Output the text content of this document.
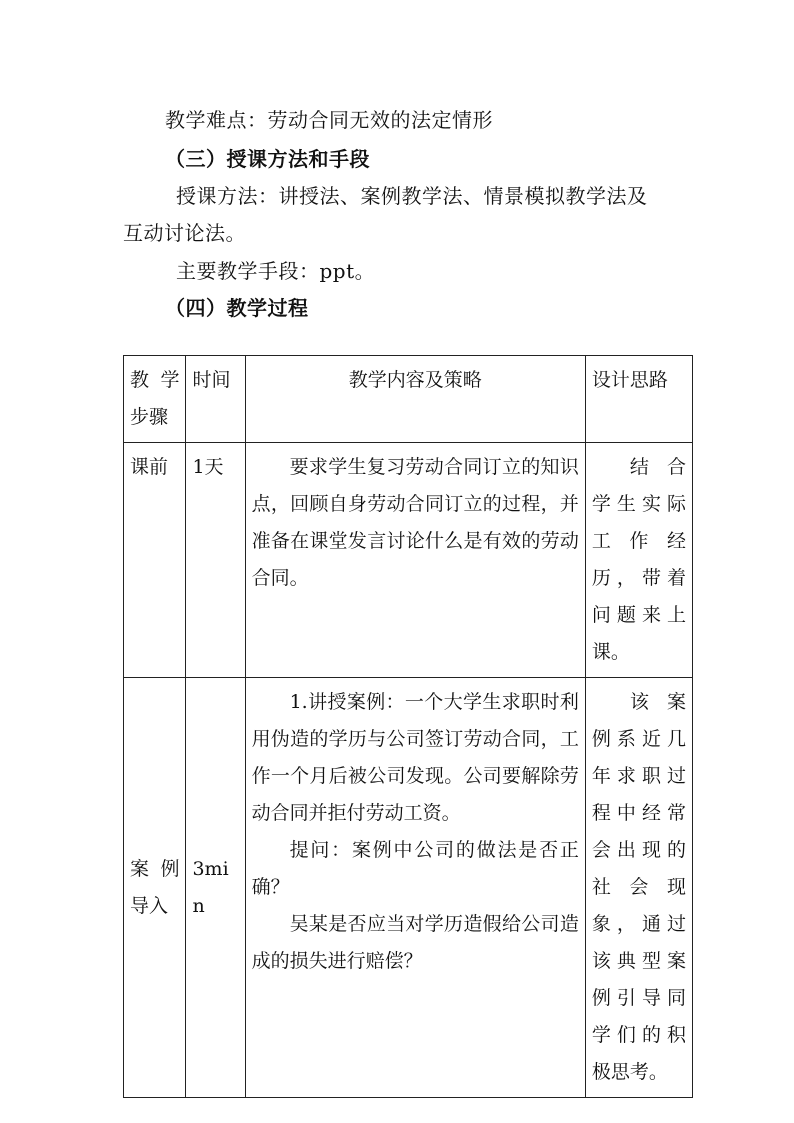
教学难点：劳动合同无效的法定情形
（三）授课方法和手段
授课方法：讲授法、案例教学法、情景模拟教学法及
互动讨论法。
主要教学手段：ppt。
（四）教学过程
教 学 步骤	时间	教学内容及策略	设计思路
课前	1天	要求学生复习劳动合同订立的知识点，回顾自身劳动合同订立的过程，并准备在课堂发言讨论什么是有效的劳动合同。	结合学生实际工作经历，带着问题来上课。
案 例 导入	3min	1.讲授案例：一个大学生求职时利用伪造的学历与公司签订劳动合同，工作一个月后被公司发现。公司要解除劳动合同并拒付劳动工资。

提问：案例中公司的做法是否正确？

吴某是否应当对学历造假给公司造成的损失进行赔偿？	该案例系近几年求职过程中经常会出现的社会现象，通过该典型案例引导同学们的积极思考。
